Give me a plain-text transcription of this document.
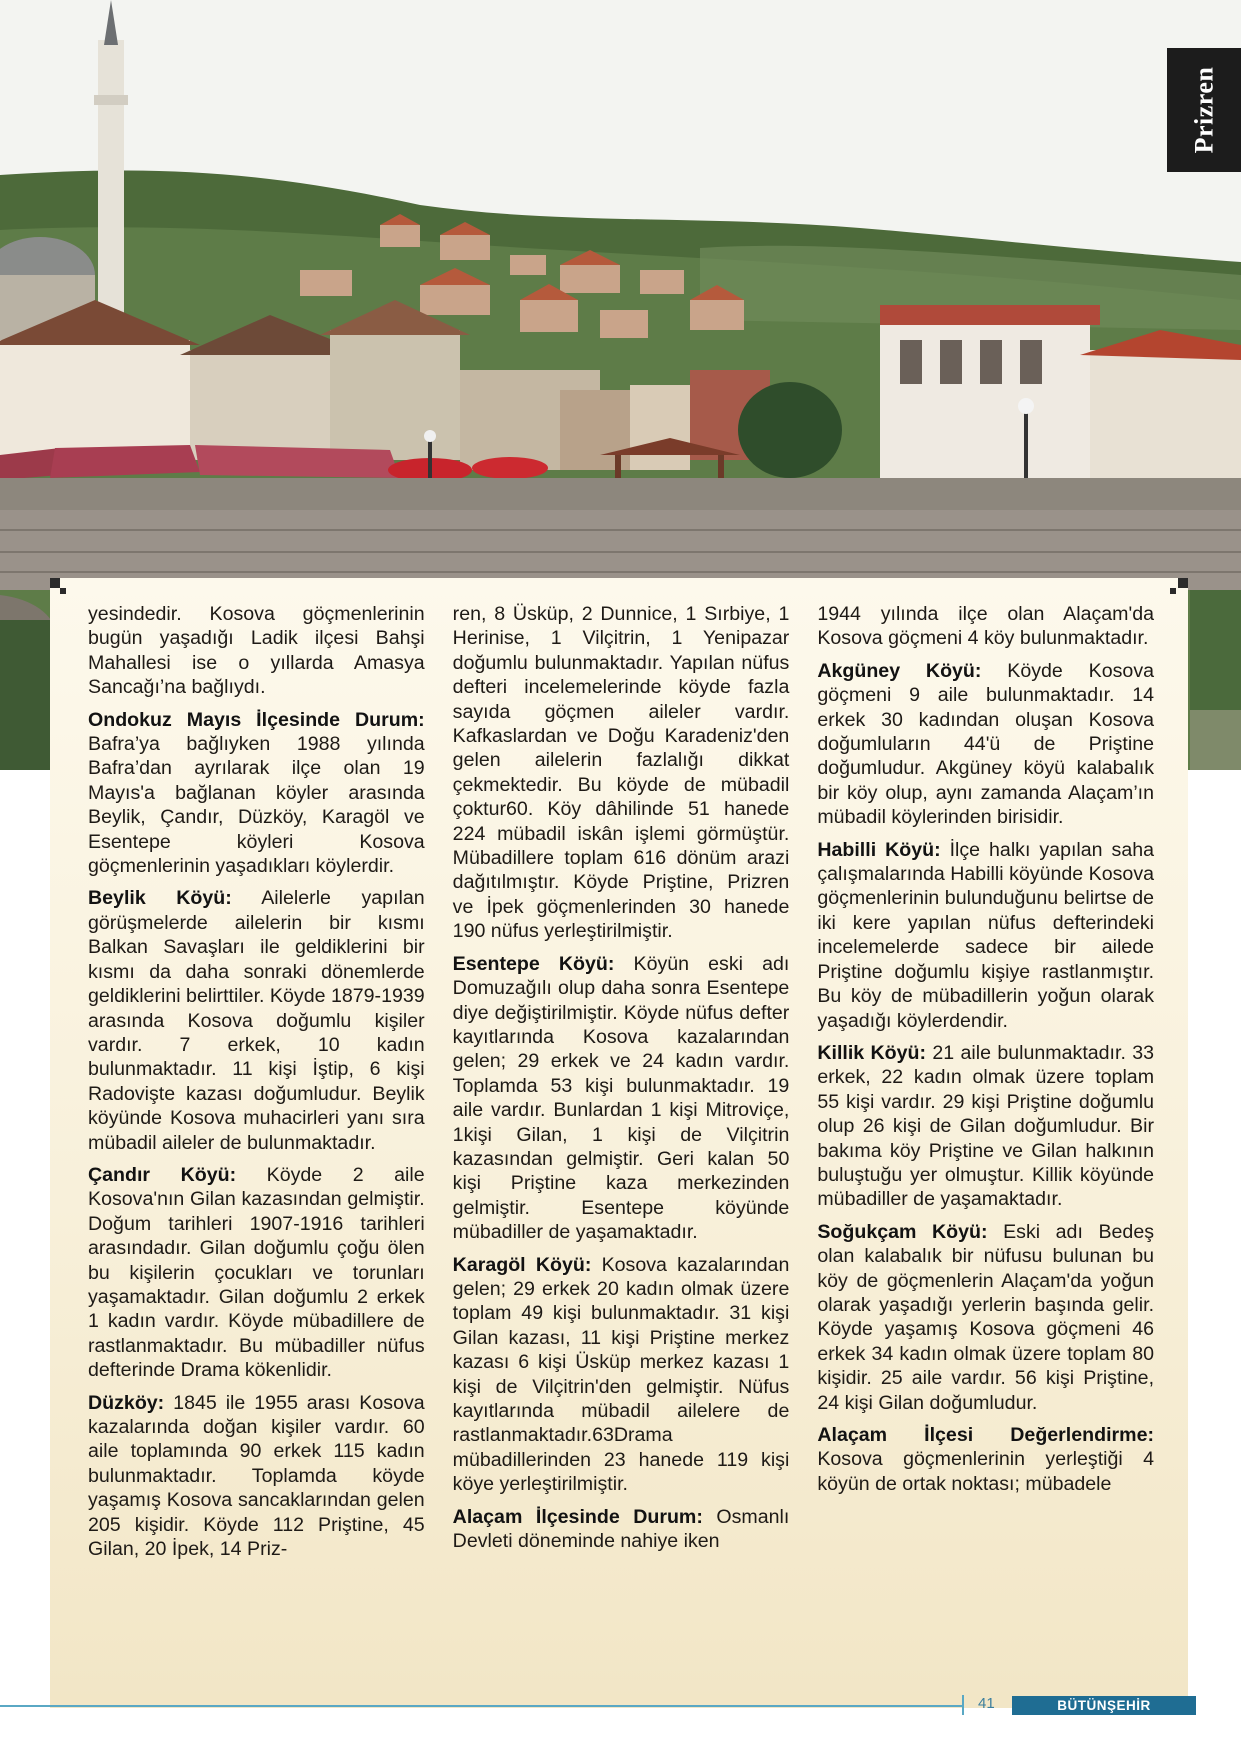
Prizren

yesindedir. Kosova göçmenlerinin bugün yaşadığı Ladik ilçesi Bahşi Mahallesi ise o yıllarda Amasya Sancağı’na bağlıydı.

Ondokuz Mayıs İlçesinde Durum: Bafra’ya bağlıyken 1988 yılında Bafra’dan ayrılarak ilçe olan 19 Mayıs'a bağlanan köyler arasında Beylik, Çandır, Düzköy, Karagöl ve Esentepe köyleri Kosova göçmenlerinin yaşadıkları köylerdir.

Beylik Köyü: Ailelerle yapılan görüşmelerde ailelerin bir kısmı Balkan Savaşları ile geldiklerini bir kısmı da daha sonraki dönemlerde geldiklerini belirttiler. Köyde 1879-1939 arasında Kosova doğumlu kişiler vardır. 7 erkek, 10 kadın bulunmaktadır. 11 kişi İştip, 6 kişi Radovişte kazası doğumludur. Beylik köyünde Kosova muhacirleri yanı sıra mübadil aileler de bulunmaktadır.

Çandır Köyü: Köyde 2 aile Kosova'nın Gilan kazasından gelmiştir. Doğum tarihleri 1907-1916 tarihleri arasındadır. Gilan doğumlu çoğu ölen bu kişilerin çocukları ve torunları yaşamaktadır. Gilan doğumlu 2 erkek 1 kadın vardır. Köyde mübadillere de rastlanmaktadır. Bu mübadiller nüfus defterinde Drama kökenlidir.

Düzköy: 1845 ile 1955 arası Kosova kazalarında doğan kişiler vardır. 60 aile toplamında 90 erkek 115 kadın bulunmaktadır. Toplamda köyde yaşamış Kosova sancaklarından gelen 205 kişidir. Köyde 112 Priştine, 45 Gilan, 20 İpek, 14 Priz-

ren, 8 Üsküp, 2 Dunnice, 1 Sırbiye, 1 Herinise, 1 Vilçitrin, 1 Yenipazar doğumlu bulunmaktadır. Yapılan nüfus defteri incelemelerinde köyde fazla sayıda göçmen aileler vardır. Kafkaslardan ve Doğu Karadeniz'den gelen ailelerin fazlalığı dikkat çekmektedir. Bu köyde de mübadil çoktur60. Köy dâhilinde 51 hanede 224 mübadil iskân işlemi görmüştür. Mübadillere toplam 616 dönüm arazi dağıtılmıştır. Köyde Priştine, Prizren ve İpek göçmenlerinden 30 hanede 190 nüfus yerleştirilmiştir.

Esentepe Köyü: Köyün eski adı Domuzağılı olup daha sonra Esentepe diye değiştirilmiştir. Köyde nüfus defter kayıtlarında Kosova kazalarından gelen; 29 erkek ve 24 kadın vardır. Toplamda 53 kişi bulunmaktadır. 19 aile vardır. Bunlardan 1 kişi Mitroviçe, 1kişi Gilan, 1 kişi de Vilçitrin kazasından gelmiştir. Geri kalan 50 kişi Priştine kaza merkezinden gelmiştir. Esentepe köyünde mübadiller de yaşamaktadır.

Karagöl Köyü: Kosova kazalarından gelen; 29 erkek 20 kadın olmak üzere toplam 49 kişi bulunmaktadır. 31 kişi Gilan kazası, 11 kişi Priştine merkez kazası 6 kişi Üsküp merkez kazası 1 kişi de Vilçitrin'den gelmiştir. Nüfus kayıtlarında mübadil ailelere de rastlanmaktadır.63Drama mübadillerinden 23 hanede 119 kişi köye yerleştirilmiştir.

Alaçam İlçesinde Durum: Osmanlı Devleti döneminde nahiye iken

1944 yılında ilçe olan Alaçam'da Kosova göçmeni 4 köy bulunmaktadır.

Akgüney Köyü: Köyde Kosova göçmeni 9 aile bulunmaktadır. 14 erkek 30 kadından oluşan Kosova doğumluların 44'ü de Priştine doğumludur. Akgüney köyü kalabalık bir köy olup, aynı zamanda Alaçam’ın mübadil köylerinden birisidir.

Habilli Köyü: İlçe halkı yapılan saha çalışmalarında Habilli köyünde Kosova göçmenlerinin bulunduğunu belirtse de iki kere yapılan nüfus defterindeki incelemelerde sadece bir ailede Priştine doğumlu kişiye rastlanmıştır. Bu köy de mübadillerin yoğun olarak yaşadığı köylerdendir.

Killik Köyü: 21 aile bulunmaktadır. 33 erkek, 22 kadın olmak üzere toplam 55 kişi vardır. 29 kişi Priştine doğumlu olup 26 kişi de Gilan doğumludur. Bir bakıma köy Priştine ve Gilan halkının buluştuğu yer olmuştur. Killik köyünde mübadiller de yaşamaktadır.

Soğukçam Köyü: Eski adı Bedeş olan kalabalık bir nüfusu bulunan bu köy de göçmenlerin Alaçam'da yoğun olarak yaşadığı yerlerin başında gelir. Köyde yaşamış Kosova göçmeni 46 erkek 34 kadın olmak üzere toplam 80 kişidir. 25 aile vardır. 56 kişi Priştine, 24 kişi Gilan doğumludur.

Alaçam İlçesi Değerlendirme: Kosova göçmenlerinin yerleştiği 4 köyün de ortak noktası; mübadele

41	BÜTÜNŞEHİR
